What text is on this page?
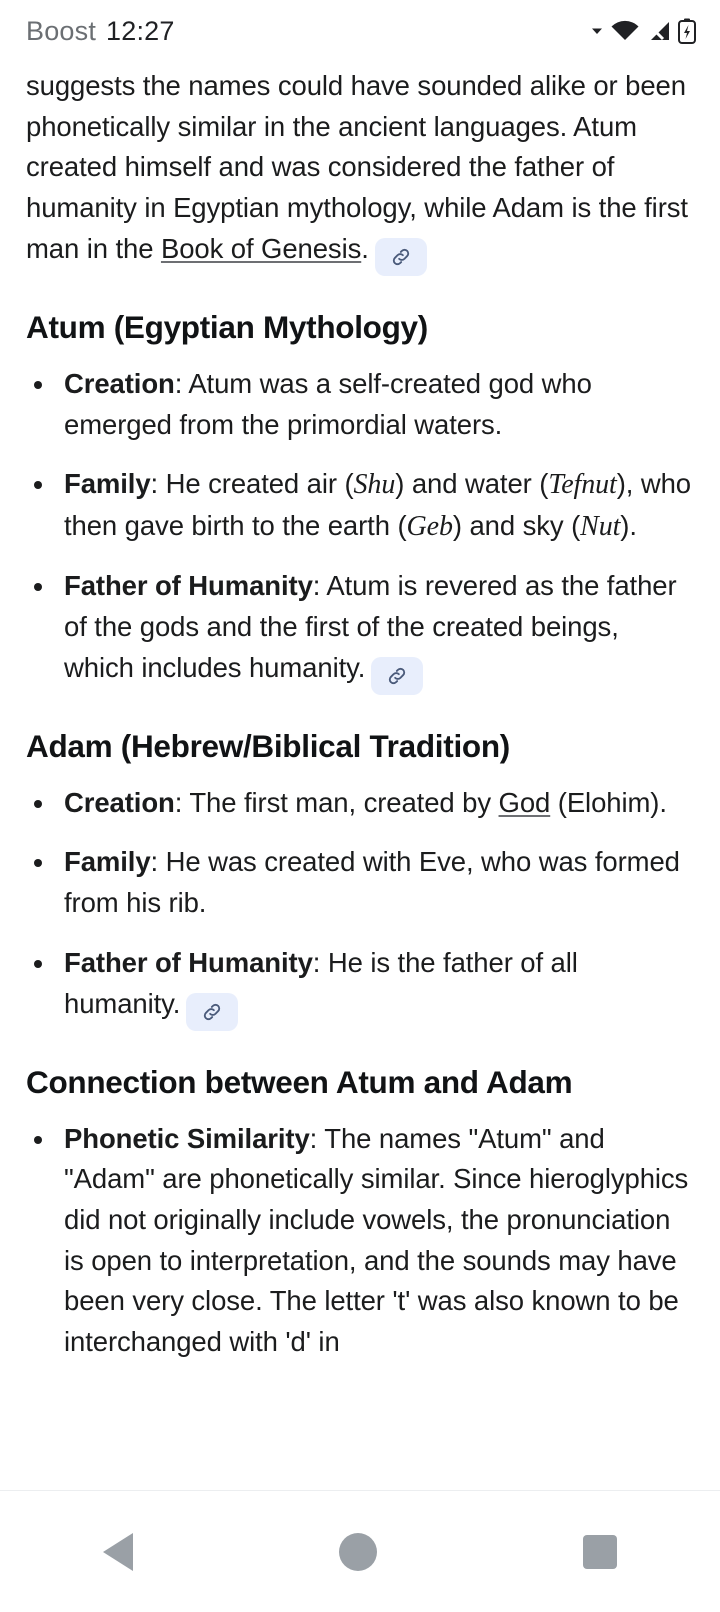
Boost 12:27

suggests the names could have sounded alike or been phonetically similar in the ancient languages. Atum created himself and was considered the father of humanity in Egyptian mythology, while Adam is the first man in the Book of Genesis.

Atum (Egyptian Mythology)
Creation: Atum was a self-created god who emerged from the primordial waters.
Family: He created air (Shu) and water (Tefnut), who then gave birth to the earth (Geb) and sky (Nut).
Father of Humanity: Atum is revered as the father of the gods and the first of the created beings, which includes humanity.
Adam (Hebrew/Biblical Tradition)
Creation: The first man, created by God (Elohim).
Family: He was created with Eve, who was formed from his rib.
Father of Humanity: He is the father of all humanity.
Connection between Atum and Adam
Phonetic Similarity: The names "Atum" and "Adam" are phonetically similar. Since hieroglyphics did not originally include vowels, the pronunciation is open to interpretation, and the sounds may have been very close. The letter 't' was also known to be interchanged with 'd' in
